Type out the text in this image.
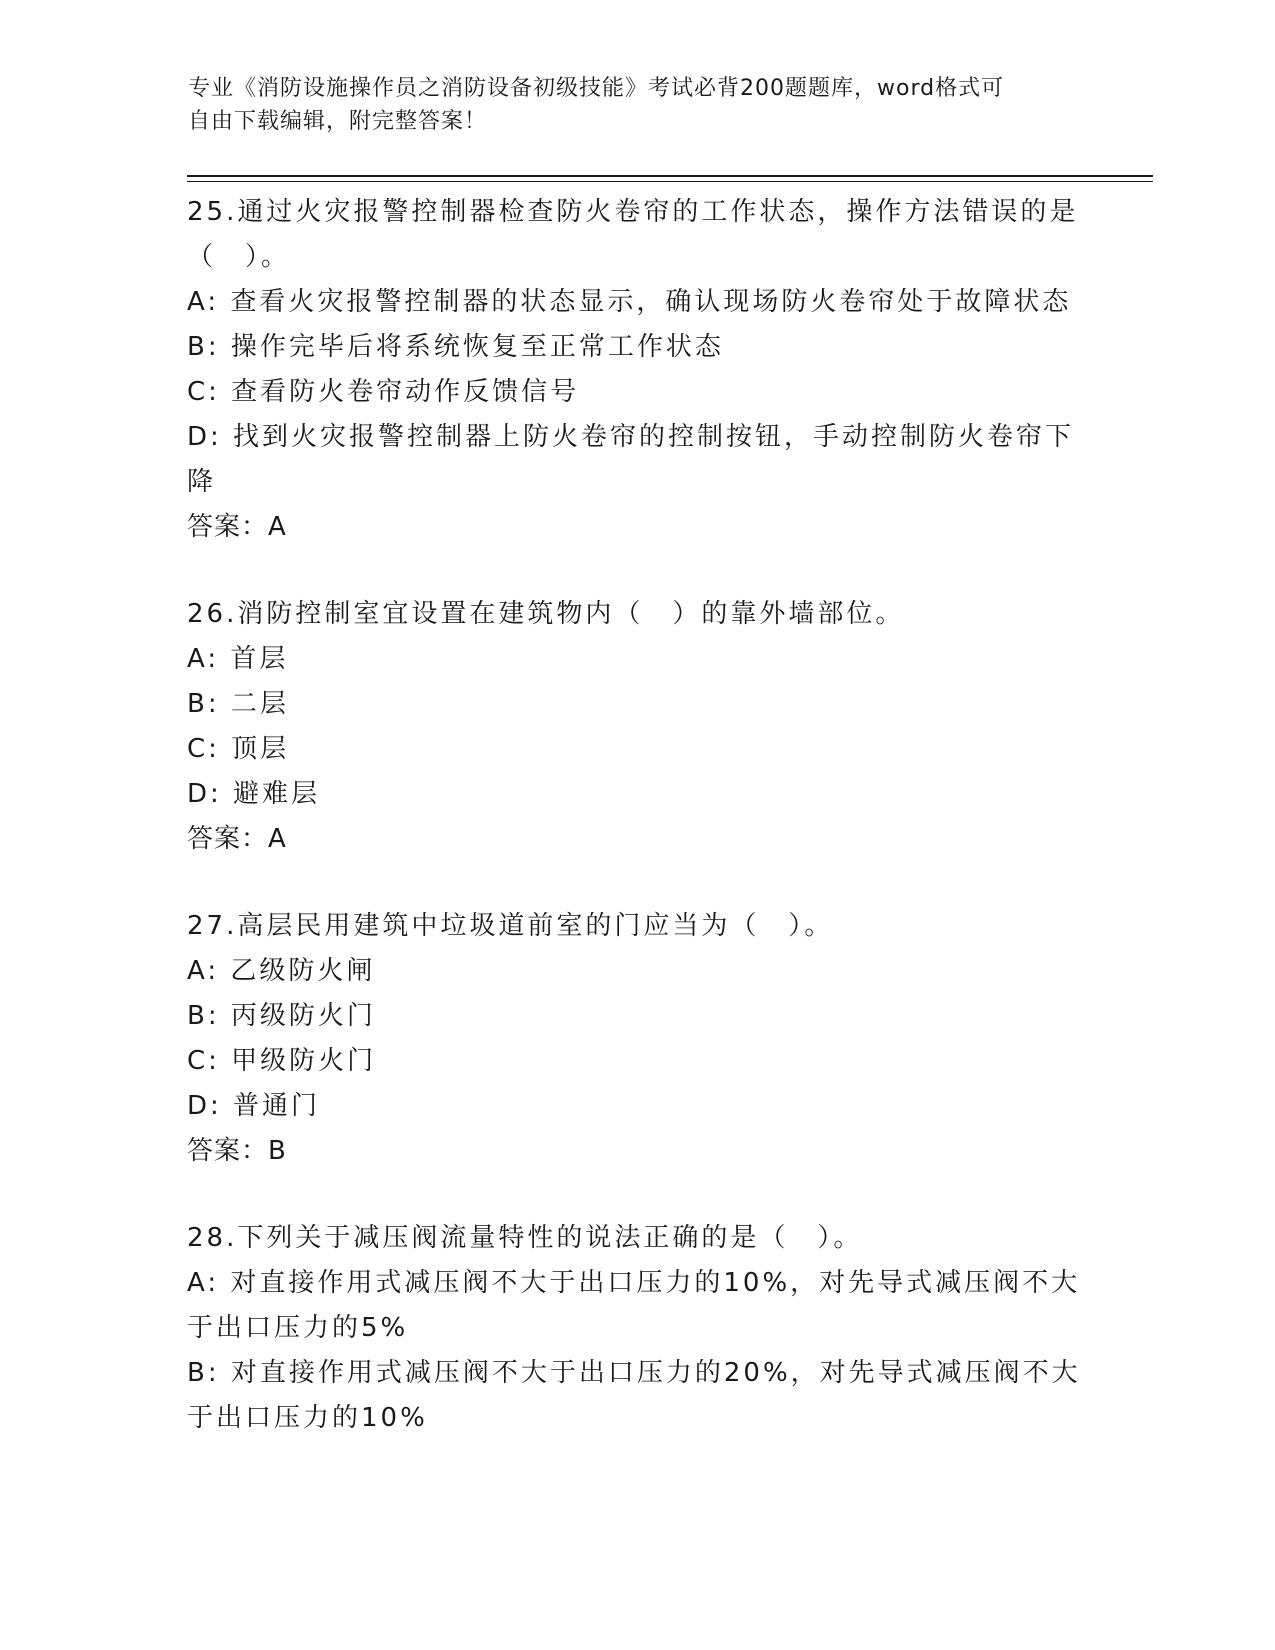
专业《消防设施操作员之消防设备初级技能》考试必背200题题库，word格式可
自由下载编辑，附完整答案！
25.通过火灾报警控制器检查防火卷帘的工作状态，操作方法错误的是
（　）。
A: 查看火灾报警控制器的状态显示，确认现场防火卷帘处于故障状态
B: 操作完毕后将系统恢复至正常工作状态
C: 查看防火卷帘动作反馈信号
D: 找到火灾报警控制器上防火卷帘的控制按钮，手动控制防火卷帘下
降
答案：A
26.消防控制室宜设置在建筑物内（　）的靠外墙部位。
A: 首层
B: 二层
C: 顶层
D: 避难层
答案：A
27.高层民用建筑中垃圾道前室的门应当为（　）。
A: 乙级防火闸
B: 丙级防火门
C: 甲级防火门
D: 普通门
答案：B
28.下列关于减压阀流量特性的说法正确的是（　）。
A: 对直接作用式减压阀不大于出口压力的10%，对先导式减压阀不大
于出口压力的5%
B: 对直接作用式减压阀不大于出口压力的20%，对先导式减压阀不大
于出口压力的10%
